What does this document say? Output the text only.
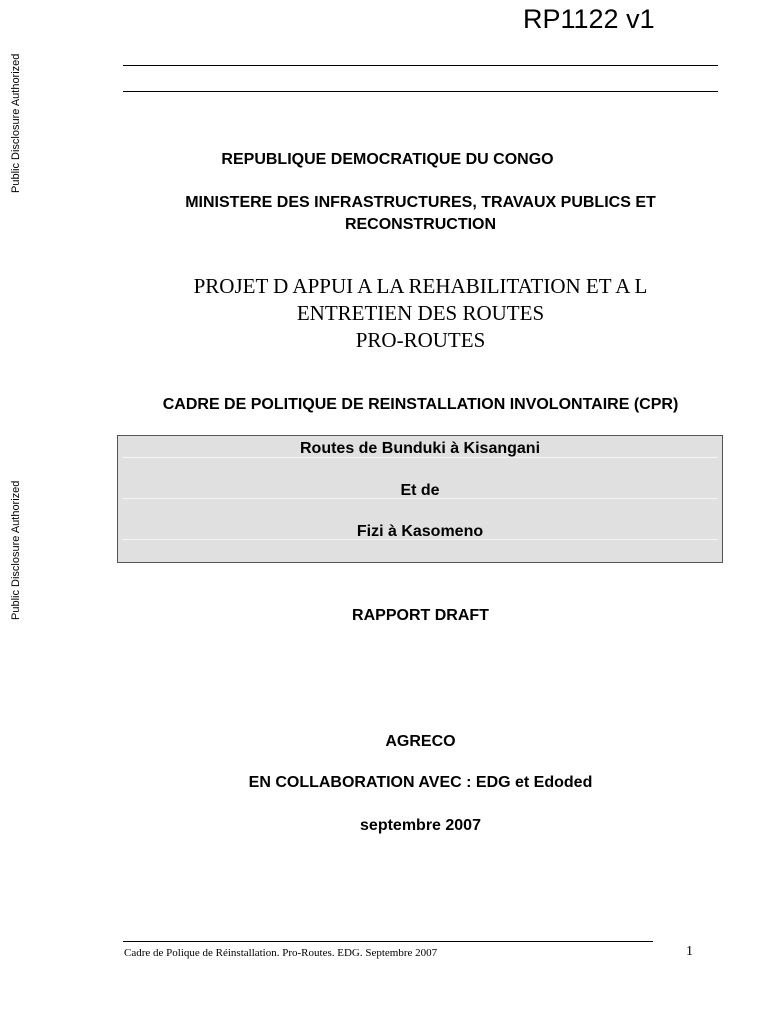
Public Disclosure Authorized
Public Disclosure Authorized
RP1122 v1
REPUBLIQUE DEMOCRATIQUE DU CONGO
MINISTERE DES INFRASTRUCTURES, TRAVAUX PUBLICS ET
RECONSTRUCTION
PROJET D APPUI A LA REHABILITATION ET A L
ENTRETIEN DES ROUTES
PRO-ROUTES
CADRE DE POLITIQUE DE REINSTALLATION INVOLONTAIRE (CPR)
Routes de Bunduki à Kisangani
Et de
Fizi à Kasomeno
RAPPORT DRAFT
AGRECO
EN COLLABORATION AVEC : EDG et Edoded
septembre 2007
Cadre de Polique de Réinstallation. Pro-Routes. EDG. Septembre 2007	1
